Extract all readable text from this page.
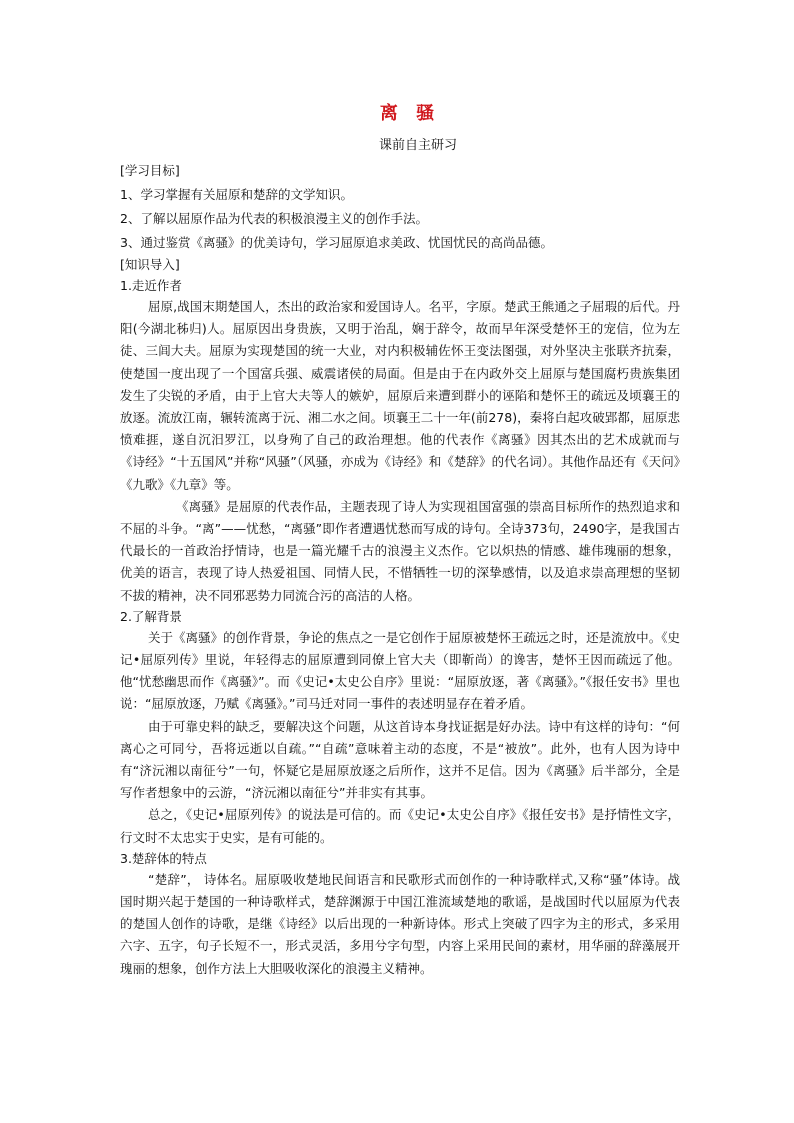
离 骚

课前自主研习

[学习目标]

1、学习掌握有关屈原和楚辞的文学知识。

2、了解以屈原作品为代表的积极浪漫主义的创作手法。

3、通过鉴赏《离骚》的优美诗句，学习屈原追求美政、忧国忧民的高尚品德。

[知识导入]

1.走近作者

屈原,战国末期楚国人，杰出的政治家和爱国诗人。名平，字原。楚武王熊通之子屈瑕的后代。丹阳(今湖北秭归)人。屈原因出身贵族，又明于治乱，娴于辞令，故而早年深受楚怀王的宠信，位为左徒、三闾大夫。屈原为实现楚国的统一大业，对内积极辅佐怀王变法图强，对外坚决主张联齐抗秦，使楚国一度出现了一个国富兵强、威震诸侯的局面。但是由于在内政外交上屈原与楚国腐朽贵族集团发生了尖锐的矛盾，由于上官大夫等人的嫉妒，屈原后来遭到群小的诬陷和楚怀王的疏远及顷襄王的放逐。流放江南，辗转流离于沅、湘二水之间。顷襄王二十一年(前278)，秦将白起攻破郢都，屈原悲愤难捱，遂自沉汨罗江，以身殉了自己的政治理想。他的代表作《离骚》因其杰出的艺术成就而与《诗经》“十五国风”并称“风骚”（风骚，亦成为《诗经》和《楚辞》的代名词）。其他作品还有《天问》《九歌》《九章》等。

《离骚》是屈原的代表作品，主题表现了诗人为实现祖国富强的崇高目标所作的热烈追求和不屈的斗争。“离”——忧愁，“离骚”即作者遭遇忧愁而写成的诗句。全诗373句，2490字，是我国古代最长的一首政治抒情诗，也是一篇光耀千古的浪漫主义杰作。它以炽热的情感、雄伟瑰丽的想象，优美的语言，表现了诗人热爱祖国、同情人民，不惜牺牲一切的深挚感情，以及追求崇高理想的坚韧不拔的精神，决不同邪恶势力同流合污的高洁的人格。

2.了解背景

关于《离骚》的创作背景，争论的焦点之一是它创作于屈原被楚怀王疏远之时，还是流放中。《史记•屈原列传》里说，年轻得志的屈原遭到同僚上官大夫（即靳尚）的谗害，楚怀王因而疏远了他。他“忧愁幽思而作《离骚》”。而《史记•太史公自序》里说：“屈原放逐，著《离骚》。”《报任安书》里也说：“屈原放逐，乃赋《离骚》。”司马迁对同一事件的表述明显存在着矛盾。

由于可靠史料的缺乏，要解决这个问题，从这首诗本身找证据是好办法。诗中有这样的诗句：“何离心之可同兮，吾将远逝以自疏。”“自疏”意味着主动的态度，不是“被放”。此外，也有人因为诗中有“济沅湘以南征兮”一句，怀疑它是屈原放逐之后所作，这并不足信。因为《离骚》后半部分，全是写作者想象中的云游，“济沅湘以南征兮”并非实有其事。

总之，《史记•屈原列传》的说法是可信的。而《史记•太史公自序》《报任安书》是抒情性文字，行文时不太忠实于史实，是有可能的。

3.楚辞体的特点

“楚辞”， 诗体名。屈原吸收楚地民间语言和民歌形式而创作的一种诗歌样式,又称“骚”体诗。战国时期兴起于楚国的一种诗歌样式，楚辞渊源于中国江淮流域楚地的歌谣，是战国时代以屈原为代表的楚国人创作的诗歌，是继《诗经》以后出现的一种新诗体。形式上突破了四字为主的形式，多采用六字、五字，句子长短不一，形式灵活，多用兮字句型，内容上采用民间的素材，用华丽的辞藻展开瑰丽的想象，创作方法上大胆吸收深化的浪漫主义精神。
